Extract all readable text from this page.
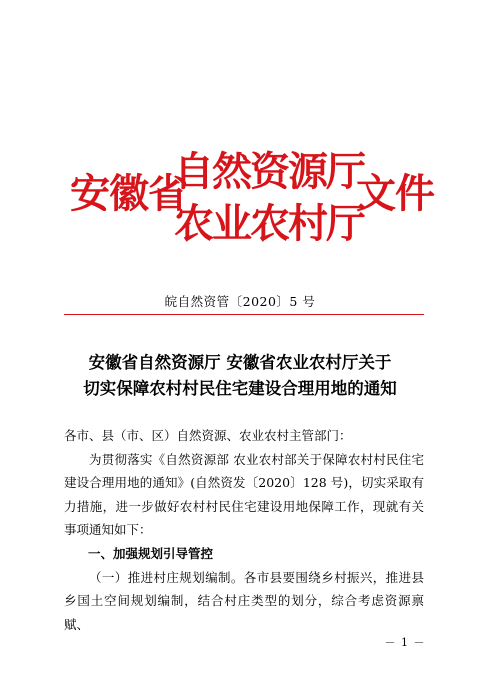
安徽省
自然资源厅
农业农村厅
文件
皖自然资管〔2020〕5 号
安徽省自然资源厅 安徽省农业农村厅关于
切实保障农村村民住宅建设合理用地的通知

各市、县（市、区）自然资源、农业农村主管部门：

为贯彻落实《自然资源部 农业农村部关于保障农村村民住宅建设合理用地的通知》(自然资发〔2020〕128 号)，切实采取有力措施，进一步做好农村村民住宅建设用地保障工作，现就有关事项通知如下：

一、加强规划引导管控

（一）推进村庄规划编制。各市县要围绕乡村振兴，推进县乡国土空间规划编制，结合村庄类型的划分，综合考虑资源禀赋、

－ 1 －
